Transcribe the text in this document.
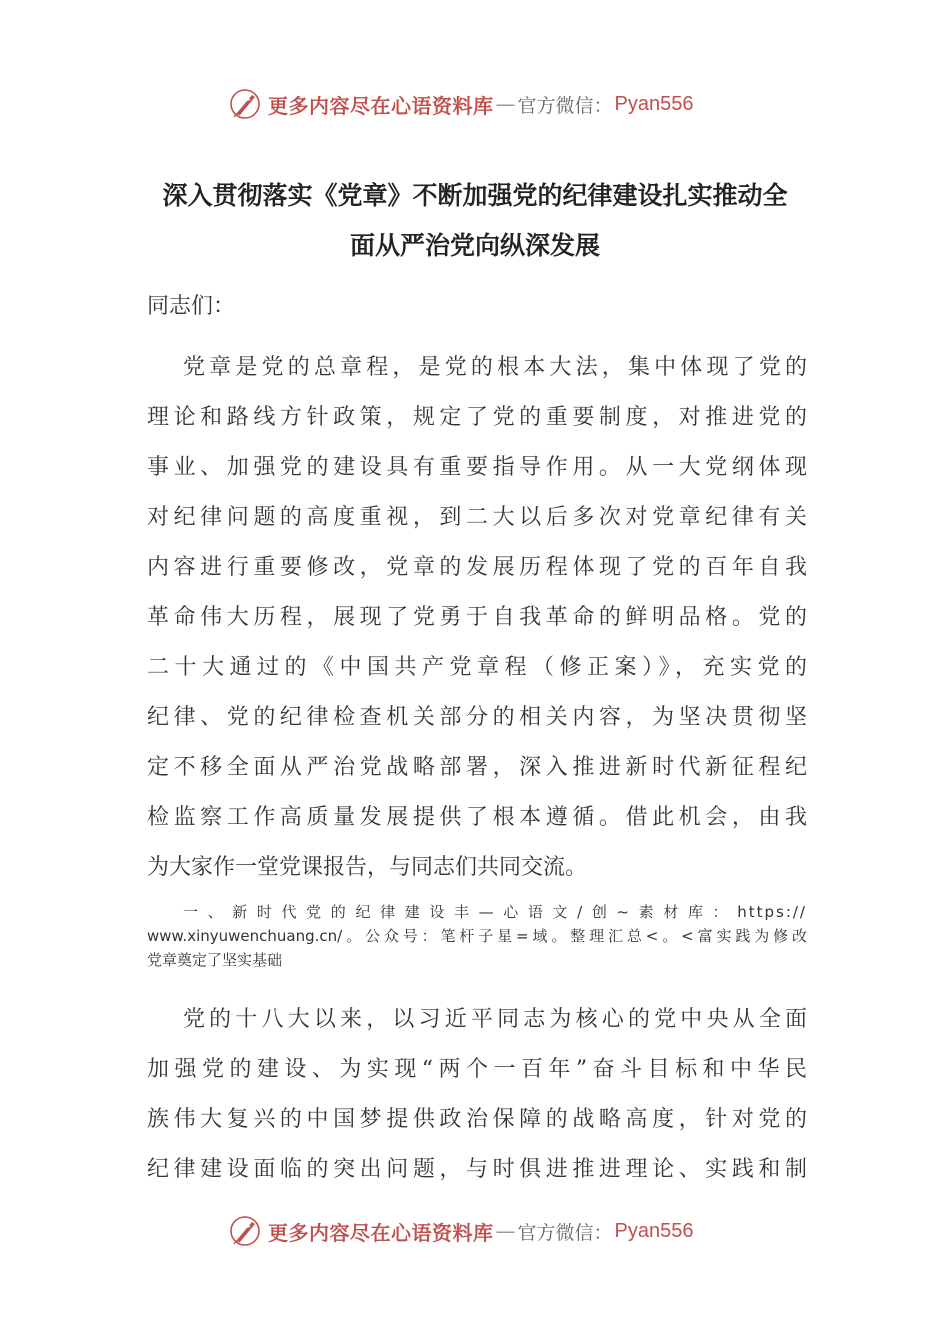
更多内容尽在心语资料库 — 官方微信： Pyan556
深入贯彻落实《党章》不断加强党的纪律建设扎实推动全
面从严治党向纵深发展
同志们：
党章是党的总章程，是党的根本大法，集中体现了党的
理论和路线方针政策，规定了党的重要制度，对推进党的
事业、加强党的建设具有重要指导作用。从一大党纲体现
对纪律问题的高度重视，到二大以后多次对党章纪律有关
内容进行重要修改，党章的发展历程体现了党的百年自我
革命伟大历程，展现了党勇于自我革命的鲜明品格。党的
二十大通过的《中国共产党章程（修正案）》，充实党的
纪律、党的纪律检查机关部分的相关内容，为坚决贯彻坚
定不移全面从严治党战略部署，深入推进新时代新征程纪
检监察工作高质量发展提供了根本遵循。借此机会，由我
为大家作一堂党课报告，与同志们共同交流。
一、新时代党的纪律建设丰—心语文/创~素材库：https://
www.xinyuwenchuang.cn/。公众号：笔杆子星=域。整理汇总<。<富实践为修改
党章奠定了坚实基础
党的十八大以来，以习近平同志为核心的党中央从全面
加强党的建设、为实现“两个一百年”奋斗目标和中华民
族伟大复兴的中国梦提供政治保障的战略高度，针对党的
纪律建设面临的突出问题，与时俱进推进理论、实践和制
更多内容尽在心语资料库 — 官方微信： Pyan556
